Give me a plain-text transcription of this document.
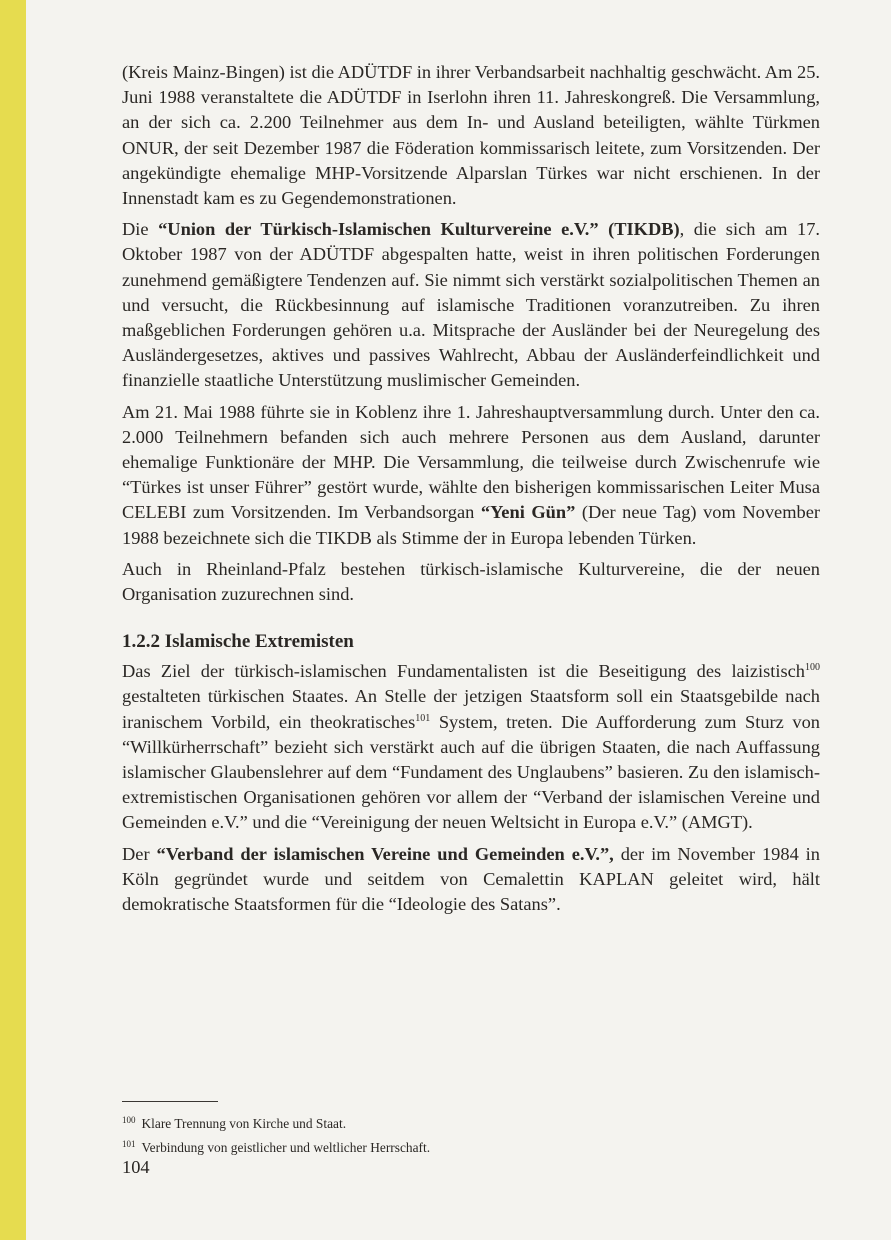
(Kreis Mainz-Bingen) ist die ADÜTDF in ihrer Verbandsarbeit nachhaltig geschwächt. Am 25. Juni 1988 veranstaltete die ADÜTDF in Iserlohn ihren 11. Jahreskongreß. Die Versammlung, an der sich ca. 2.200 Teilnehmer aus dem In- und Ausland beteiligten, wählte Türkmen ONUR, der seit Dezember 1987 die Föderation kommissarisch leitete, zum Vorsitzenden. Der angekündigte ehemalige MHP-Vorsitzende Alparslan Türkes war nicht erschienen. In der Innenstadt kam es zu Gegendemonstrationen.

Die “Union der Türkisch-Islamischen Kulturvereine e.V.” (TIKDB), die sich am 17. Oktober 1987 von der ADÜTDF abgespalten hatte, weist in ihren politischen Forderungen zunehmend gemäßigtere Tendenzen auf. Sie nimmt sich verstärkt sozialpolitischen Themen an und versucht, die Rückbesinnung auf islamische Traditionen voranzutreiben. Zu ihren maßgeblichen Forderungen gehören u.a. Mitsprache der Ausländer bei der Neuregelung des Ausländergesetzes, aktives und passives Wahlrecht, Abbau der Ausländerfeindlichkeit und finanzielle staatliche Unterstützung muslimischer Gemeinden.

Am 21. Mai 1988 führte sie in Koblenz ihre 1. Jahreshauptversammlung durch. Unter den ca. 2.000 Teilnehmern befanden sich auch mehrere Personen aus dem Ausland, darunter ehemalige Funktionäre der MHP. Die Versammlung, die teilweise durch Zwischenrufe wie “Türkes ist unser Führer” gestört wurde, wählte den bisherigen kommissarischen Leiter Musa CELEBI zum Vorsitzenden. Im Verbandsorgan “Yeni Gün” (Der neue Tag) vom November 1988 bezeichnete sich die TIKDB als Stimme der in Europa lebenden Türken.

Auch in Rheinland-Pfalz bestehen türkisch-islamische Kulturvereine, die der neuen Organisation zuzurechnen sind.

1.2.2 Islamische Extremisten

Das Ziel der türkisch-islamischen Fundamentalisten ist die Beseitigung des laizistisch$^{100}$ gestalteten türkischen Staates. An Stelle der jetzigen Staatsform soll ein Staatsgebilde nach iranischem Vorbild, ein theokratisches$^{101}$ System, treten. Die Aufforderung zum Sturz von “Willkürherrschaft” bezieht sich verstärkt auch auf die übrigen Staaten, die nach Auffassung islamischer Glaubenslehrer auf dem “Fundament des Unglaubens” basieren. Zu den islamisch-extremistischen Organisationen gehören vor allem der “Verband der islamischen Vereine und Gemeinden e.V.” und die “Vereinigung der neuen Weltsicht in Europa e.V.” (AMGT).

Der “Verband der islamischen Vereine und Gemeinden e.V.”, der im November 1984 in Köln gegründet wurde und seitdem von Cemalettin KAPLAN geleitet wird, hält demokratische Staatsformen für die “Ideologie des Satans”.

$^{100}$ Klare Trennung von Kirche und Staat.

$^{101}$ Verbindung von geistlicher und weltlicher Herrschaft.

104
